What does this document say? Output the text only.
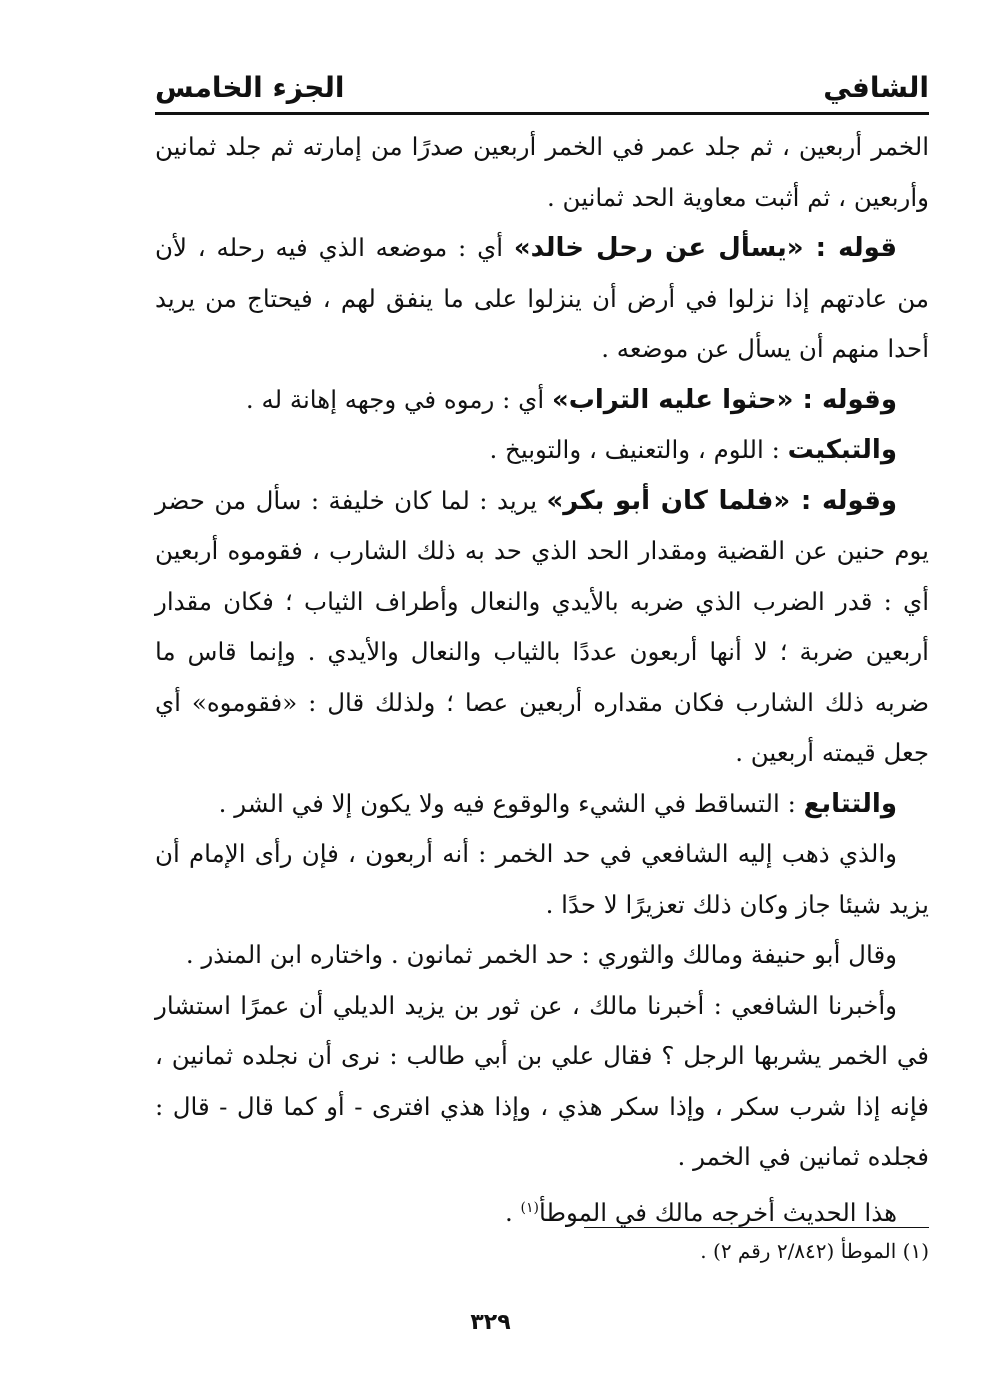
الشافي
الجزء الخامس

الخمر أربعين ، ثم جلد عمر في الخمر أربعين صدرًا من إمارته ثم جلد ثمانين وأربعين ، ثم أثبت معاوية الحد ثمانين .

قوله : «يسأل عن رحل خالد» أي : موضعه الذي فيه رحله ، لأن من عادتهم إذا نزلوا في أرض أن ينزلوا على ما ينفق لهم ، فيحتاج من يريد أحدا منهم أن يسأل عن موضعه .

وقوله : «حثوا عليه التراب» أي : رموه في وجهه إهانة له .

والتبكيت : اللوم ، والتعنيف ، والتوبيخ .

وقوله : «فلما كان أبو بكر» يريد : لما كان خليفة : سأل من حضر يوم حنين عن القضية ومقدار الحد الذي حد به ذلك الشارب ، فقوموه أربعين أي : قدر الضرب الذي ضربه بالأيدي والنعال وأطراف الثياب ؛ فكان مقدار أربعين ضربة ؛ لا أنها أربعون عددًا بالثياب والنعال والأيدي . وإنما قاس ما ضربه ذلك الشارب فكان مقداره أربعين عصا ؛ ولذلك قال : «فقوموه» أي جعل قيمته أربعين .

والتتابع : التساقط في الشيء والوقوع فيه ولا يكون إلا في الشر .

والذي ذهب إليه الشافعي في حد الخمر : أنه أربعون ، فإن رأى الإمام أن يزيد شيئا جاز وكان ذلك تعزيرًا لا حدًا .

وقال أبو حنيفة ومالك والثوري : حد الخمر ثمانون . واختاره ابن المنذر .

وأخبرنا الشافعي : أخبرنا مالك ، عن ثور بن يزيد الديلي أن عمرًا استشار في الخمر يشربها الرجل ؟ فقال علي بن أبي طالب : نرى أن نجلده ثمانين ، فإنه إذا شرب سكر ، وإذا سكر هذي ، وإذا هذي افترى - أو كما قال - قال : فجلده ثمانين في الخمر .

هذا الحديث أخرجه مالك في الموطأ$^{(١)}$ .

(١) الموطأ (٢/٨٤٢ رقم ٢) .
٣٢٩
